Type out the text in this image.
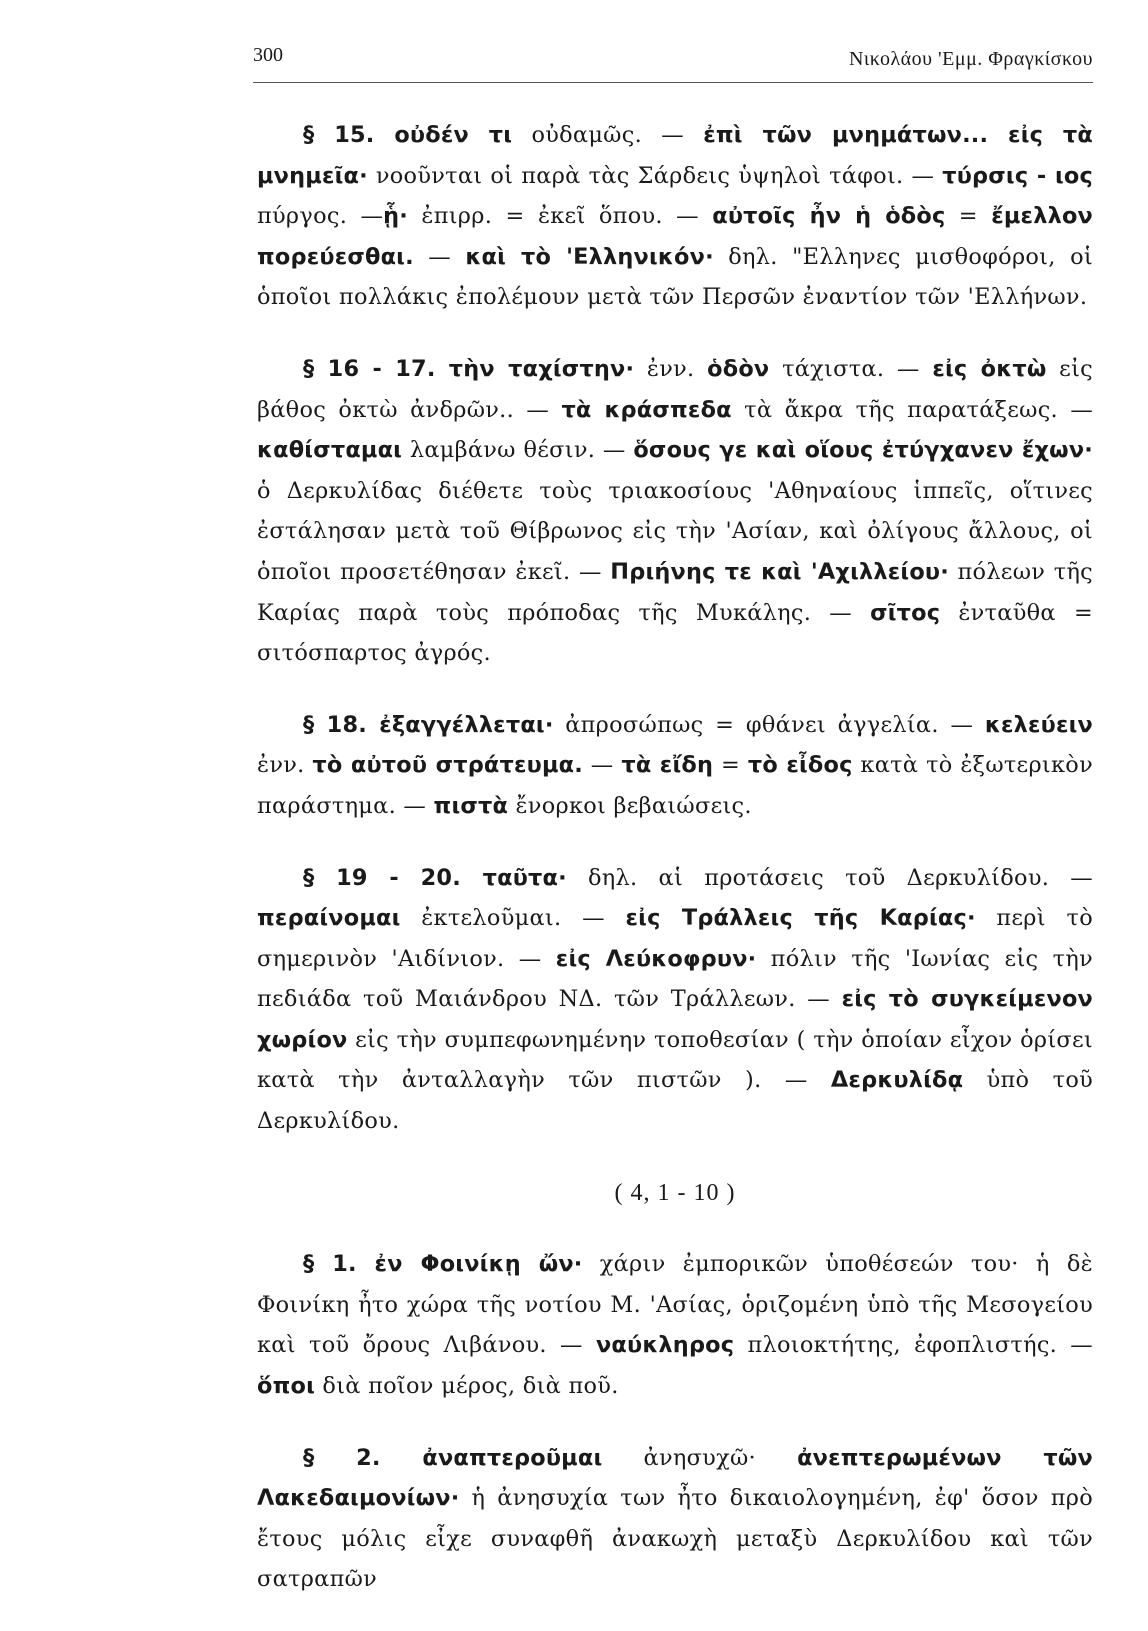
300	Νικολάου 'Εμμ. Φραγκίσκου

§ 15. οὐδέν τι οὐδαμῶς. — ἐπὶ τῶν μνημάτων... εἰς τὰ μνημεῖα· νοοῦνται οἱ παρὰ τὰς Σάρδεις ὑψηλοὶ τάφοι. — τύρσις - ιος πύργος. —ᾗ· ἐπιρρ. = ἐκεῖ ὅπου. — αὐτοῖς ἦν ἡ ὁδὸς = ἔμελλον πορεύεσθαι. — καὶ τὸ 'Ελληνικόν· δηλ. "Ελληνες μισθοφόροι, οἱ ὁποῖοι πολλάκις ἐπολέμουν μετὰ τῶν Περσῶν ἐναντίον τῶν 'Ελλήνων.

§ 16 - 17. τὴν ταχίστην· ἐνν. ὁδὸν τάχιστα. — εἰς ὀκτὼ εἰς βάθος ὀκτὼ ἀνδρῶν.. — τὰ κράσπεδα τὰ ἄκρα τῆς παρατάξεως. — καθίσταμαι λαμβάνω θέσιν. — ὅσους γε καὶ οἵους ἐτύγχανεν ἔχων· ὁ Δερκυλίδας διέθετε τοὺς τριακοσίους 'Αθηναίους ἱππεῖς, οἵτινες ἐστάλησαν μετὰ τοῦ Θίβρωνος εἰς τὴν 'Ασίαν, καὶ ὀλίγους ἄλλους, οἱ ὁποῖοι προσετέθησαν ἐκεῖ. — Πριήνης τε καὶ 'Αχιλλείου· πόλεων τῆς Καρίας παρὰ τοὺς πρόποδας τῆς Μυκάλης. — σῖτος ἐνταῦθα = σιτόσπαρτος ἀγρός.

§ 18. ἐξαγγέλλεται· ἀπροσώπως = φθάνει ἀγγελία. — κελεύειν ἐνν. τὸ αὐτοῦ στράτευμα. — τὰ εἴδη = τὸ εἶδος κατὰ τὸ ἐξωτερικὸν παράστημα. — πιστὰ ἔνορκοι βεβαιώσεις.

§ 19 - 20. ταῦτα· δηλ. αἱ προτάσεις τοῦ Δερκυλίδου. — περαίνομαι ἐκτελοῦμαι. — εἰς Τράλλεις τῆς Καρίας· περὶ τὸ σημερινὸν 'Αιδίνιον. — εἰς Λεύκοφρυν· πόλιν τῆς 'Ιωνίας εἰς τὴν πεδιάδα τοῦ Μαιάνδρου ΝΔ. τῶν Τράλλεων. — εἰς τὸ συγκείμενον χωρίον εἰς τὴν συμπεφωνημένην τοποθεσίαν ( τὴν ὁποίαν εἶχον ὁρίσει κατὰ τὴν ἀνταλλαγὴν τῶν πιστῶν ). — Δερκυλίδᾳ ὑπὸ τοῦ Δερκυλίδου.

( 4, 1 - 10 )

§ 1. ἐν Φοινίκῃ ὤν· χάριν ἐμπορικῶν ὑποθέσεών του· ἡ δὲ Φοινίκη ἦτο χώρα τῆς νοτίου Μ. 'Ασίας, ὁριζομένη ὑπὸ τῆς Μεσογείου καὶ τοῦ ὄρους Λιβάνου. — ναύκληρος πλοιοκτήτης, ἐφοπλιστής. — ὅποι διὰ ποῖον μέρος, διὰ ποῦ.

§ 2. ἀναπτεροῦμαι ἀνησυχῶ· ἀνεπτερωμένων τῶν Λακεδαιμονίων· ἡ ἀνησυχία των ἦτο δικαιολογημένη, ἐφ' ὅσον πρὸ ἔτους μόλις εἶχε συναφθῆ ἀνακωχὴ μεταξὺ Δερκυλίδου καὶ τῶν σατραπῶν
